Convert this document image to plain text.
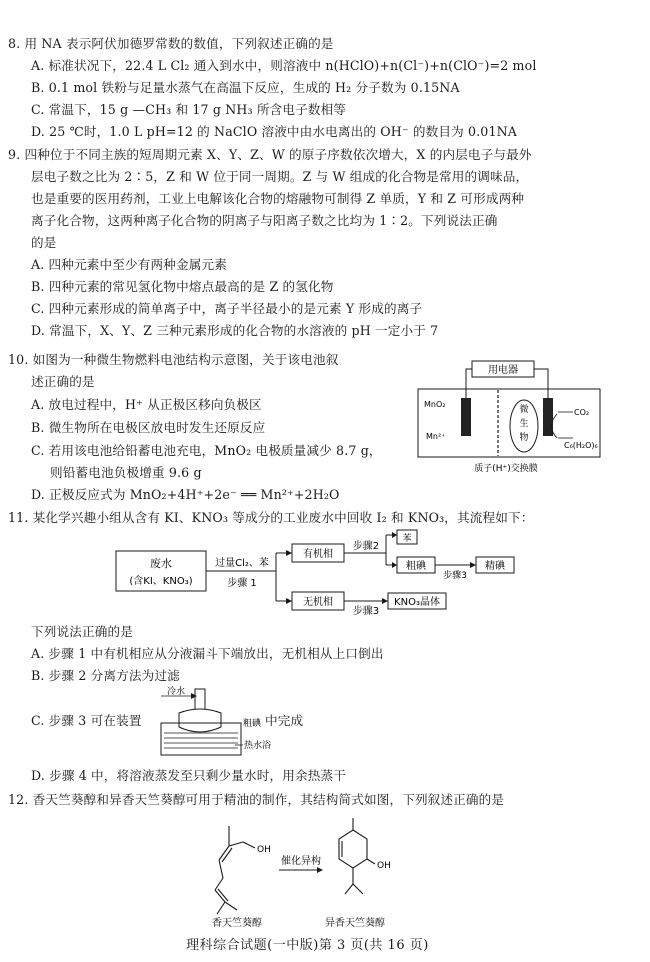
8. 用 NA 表示阿伏加德罗常数的数值，下列叙述正确的是
A. 标准状况下，22.4 L Cl₂ 通入到水中，则溶液中 n(HClO)+n(Cl⁻)+n(ClO⁻)=2 mol
B. 0.1 mol 铁粉与足量水蒸气在高温下反应，生成的 H₂ 分子数为 0.15NA
C. 常温下，15 g —CH₃ 和 17 g NH₃ 所含电子数相等
D. 25 ℃时，1.0 L pH=12 的 NaClO 溶液中由水电离出的 OH⁻ 的数目为 0.01NA
9. 四种位于不同主族的短周期元素 X、Y、Z、W 的原子序数依次增大，X 的内层电子与最外
层电子数之比为 2∶5，Z 和 W 位于同一周期。Z 与 W 组成的化合物是常用的调味品，
也是重要的医用药剂，工业上电解该化合物的熔融物可制得 Z 单质，Y 和 Z 可形成两种
离子化合物，这两种离子化合物的阴离子与阳离子数之比均为 1∶2。下列说法正确
的是
A. 四种元素中至少有两种金属元素
B. 四种元素的常见氢化物中熔点最高的是 Z 的氢化物
C. 四种元素形成的简单离子中，离子半径最小的是元素 Y 形成的离子
D. 常温下，X、Y、Z 三种元素形成的化合物的水溶液的 pH 一定小于 7
10. 如图为一种微生物燃料电池结构示意图，关于该电池叙
述正确的是
A. 放电过程中，H⁺ 从正极区移向负极区
B. 微生物所在电极区放电时发生还原反应
C. 若用该电池给铅蓄电池充电，MnO₂ 电极质量减少 8.7 g，
则铅蓄电池负极增重 9.6 g
D. 正极反应式为 MnO₂+4H⁺+2e⁻ ══ Mn²⁺+2H₂O
用电器
MnO₂
Mn²⁺
微
生
物
CO₂
C₆(H₂O)₆
质子(H⁺)交换膜
11. 某化学兴趣小组从含有 KI、KNO₃ 等成分的工业废水中回收 I₂ 和 KNO₃，其流程如下：
废水
(含KI、KNO₃)
过量Cl₂、苯
步骤 1
有机相
无机相
步骤2
苯
粗碘
步骤3
精碘
步骤3
KNO₃晶体
下列说法正确的是
A. 步骤 1 中有机相应从分液漏斗下端放出，无机相从上口倒出
B. 步骤 2 分离方法为过滤
C. 步骤 3 可在装置
冷水
粗碘
热水浴
中完成
D. 步骤 4 中，将溶液蒸发至只剩少量水时，用余热蒸干
12. 香天竺葵醇和异香天竺葵醇可用于精油的制作，其结构简式如图，下列叙述正确的是
OH
香天竺葵醇
催化异构	OH
异香天竺葵醇
理科综合试题(一中版)第 3 页(共 16 页)
